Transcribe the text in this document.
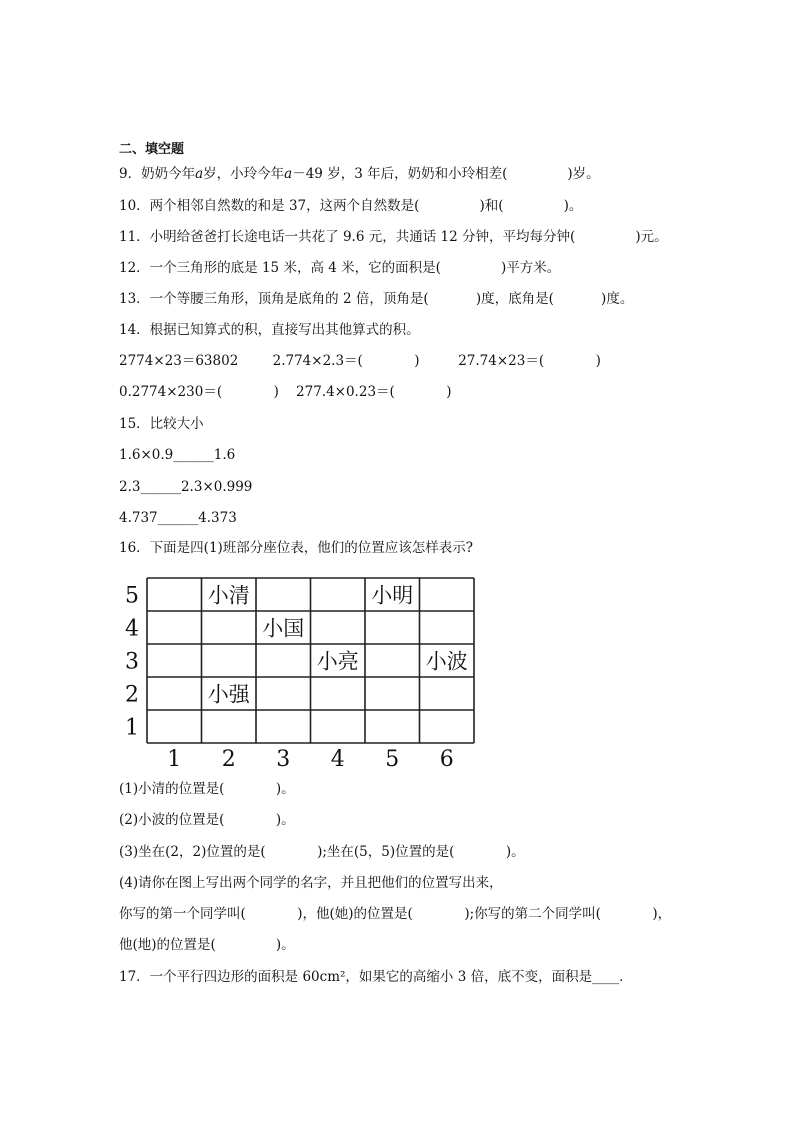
二、填空题
9．奶奶今年a岁，小玲今年a－49 岁，3 年后，奶奶和小玲相差(              )岁。
10．两个相邻自然数的和是 37，这两个自然数是(              )和(              )。
11．小明给爸爸打长途电话一共花了 9.6 元，共通话 12 分钟，平均每分钟(              )元。
12．一个三角形的底是 15 米，高 4 米，它的面积是(              )平方米。
13．一个等腰三角形，顶角是底角的 2 倍，顶角是(           )度，底角是(           )度。
14．根据已知算式的积，直接写出其他算式的积。
2774×23＝63802        2.774×2.3＝(            )         27.74×23＝(            )
0.2774×230＝(            )    277.4×0.23＝(            )
15．比较大小
1.6×0.9______1.6
2.3______2.3×0.999
4.737______4.373
16．下面是四(1)班部分座位表，他们的位置应该怎样表示?
5
4
3
2
1
1 2 3 4 5 6
小清	小明
小国
小亮	小波
小强
(1)小清的位置是(            )。
(2)小波的位置是(            )。
(3)坐在(2，2)位置的是(            );坐在(5，5)位置的是(            )。
(4)请你在图上写出两个同学的名字，并且把他们的位置写出来，
你写的第一个同学叫(            )，他(她)的位置是(            );你写的第二个同学叫(            )，
他(地)的位置是(              )。
17．一个平行四边形的面积是 60cm²，如果它的高缩小 3 倍，底不变，面积是____．
